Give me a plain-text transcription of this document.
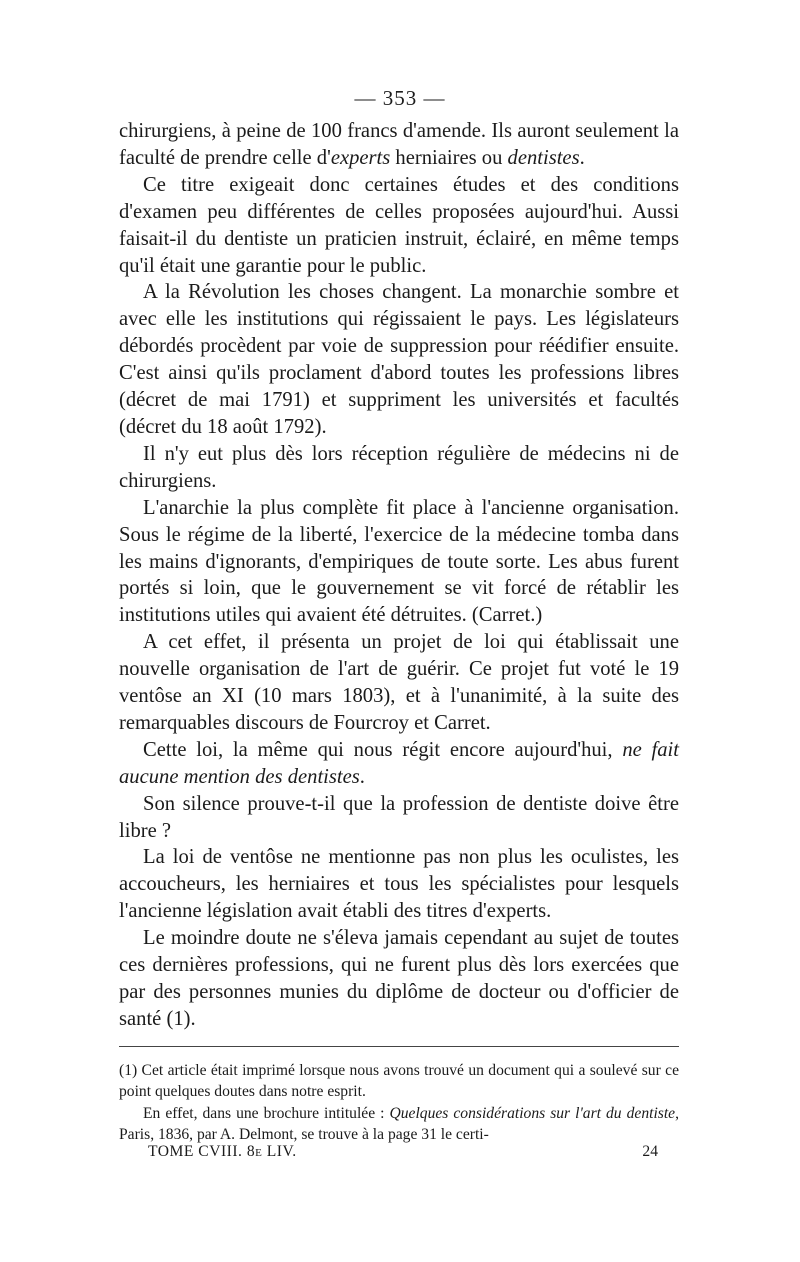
— 353 —

chirurgiens, à peine de 100 francs d'amende. Ils auront seulement la faculté de prendre celle d'experts herniaires ou dentistes.

Ce titre exigeait donc certaines études et des conditions d'examen peu différentes de celles proposées aujourd'hui. Aussi faisait-il du dentiste un praticien instruit, éclairé, en même temps qu'il était une garantie pour le public.

A la Révolution les choses changent. La monarchie sombre et avec elle les institutions qui régissaient le pays. Les législateurs débordés procèdent par voie de suppression pour réédifier ensuite. C'est ainsi qu'ils proclament d'abord toutes les professions libres (décret de mai 1791) et suppriment les universités et facultés (décret du 18 août 1792).

Il n'y eut plus dès lors réception régulière de médecins ni de chirurgiens.

L'anarchie la plus complète fit place à l'ancienne organisation. Sous le régime de la liberté, l'exercice de la médecine tomba dans les mains d'ignorants, d'empiriques de toute sorte. Les abus furent portés si loin, que le gouvernement se vit forcé de rétablir les institutions utiles qui avaient été détruites. (Carret.)

A cet effet, il présenta un projet de loi qui établissait une nouvelle organisation de l'art de guérir. Ce projet fut voté le 19 ventôse an XI (10 mars 1803), et à l'unanimité, à la suite des remarquables discours de Fourcroy et Carret.

Cette loi, la même qui nous régit encore aujourd'hui, ne fait aucune mention des dentistes.

Son silence prouve-t-il que la profession de dentiste doive être libre ?

La loi de ventôse ne mentionne pas non plus les oculistes, les accoucheurs, les herniaires et tous les spécialistes pour lesquels l'ancienne législation avait établi des titres d'experts.

Le moindre doute ne s'éleva jamais cependant au sujet de toutes ces dernières professions, qui ne furent plus dès lors exercées que par des personnes munies du diplôme de docteur ou d'officier de santé (1).

(1) Cet article était imprimé lorsque nous avons trouvé un document qui a soulevé sur ce point quelques doutes dans notre esprit.

En effet, dans une brochure intitulée : Quelques considérations sur l'art du dentiste, Paris, 1836, par A. Delmont, se trouve à la page 31 le certi-

TOME CVIII. 8e LIV.	24
